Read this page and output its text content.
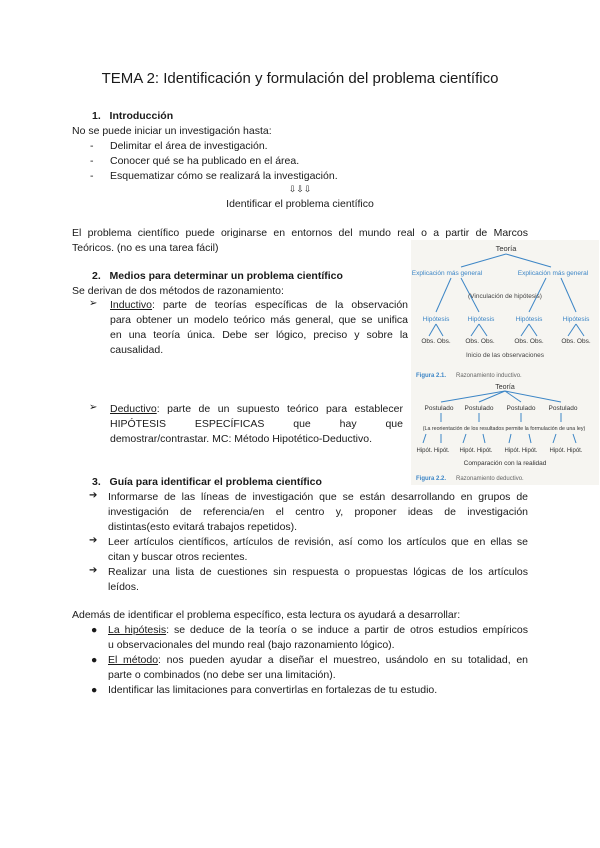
TEMA 2: Identificación y formulación del problema científico
1. Introducción
No se puede iniciar un investigación hasta:
- Delimitar el área de investigación.
- Conocer qué se ha publicado en el área.
- Esquematizar cómo se realizará la investigación.
⇩⇩⇩
Identificar el problema científico
El problema científico puede originarse en entornos del mundo real o a partir de Marcos
Teóricos. (no es una tarea fácil)
2. Medios para determinar un problema científico
Se derivan de dos métodos de razonamiento:
➢ Inductivo: parte de teorías específicas de la observación
para obtener un modelo teórico más general, que se unifica
en una teoría única. Debe ser lógico, preciso y sobre la
causalidad.
➢ Deductivo: parte de un supuesto teórico para establecer
HIPÓTESIS ESPECÍFICAS que hay que
demostrar/contrastar. MC: Método Hipotético-Deductivo.
Teoría
Explicación más general	Explicación más general
(Vinculación de hipótesis)
Hipótesis	Hipótesis	Hipótesis	Hipótesis
Obs. Obs. Obs. Obs.	Obs. Obs.	Obs. Obs.
Inicio de las observaciones
Figura 2.1. Razonamiento inductivo.
Teoría
Postulado Postulado Postulado Postulado
(La reorientación de los resultados permite la formulación de una ley)
Hipót. Hipót. Hipót. Hipót. Hipót. Hipót. Hipót. Hipót.
Comparación con la realidad
Figura 2.2. Razonamiento deductivo.
3. Guía para identificar el problema científico
➔ Informarse de las líneas de investigación que se están desarrollando en grupos de
investigación de referencia/en el centro y, proponer ideas de investigación
distintas(esto evitará trabajos repetidos).
➔ Leer artículos científicos, artículos de revisión, así como los artículos que en ellas se
citan y buscar otros recientes.
➔ Realizar una lista de cuestiones sin respuesta o propuestas lógicas de los artículos
leídos.
Además de identificar el problema específico, esta lectura os ayudará a desarrollar:
● La hipótesis: se deduce de la teoría o se induce a partir de otros estudios empíricos
u observacionales del mundo real (bajo razonamiento lógico).
● El método: nos pueden ayudar a diseñar el muestreo, usándolo en su totalidad, en
parte o combinados (no debe ser una limitación).
● Identificar las limitaciones para convertirlas en fortalezas de tu estudio.
